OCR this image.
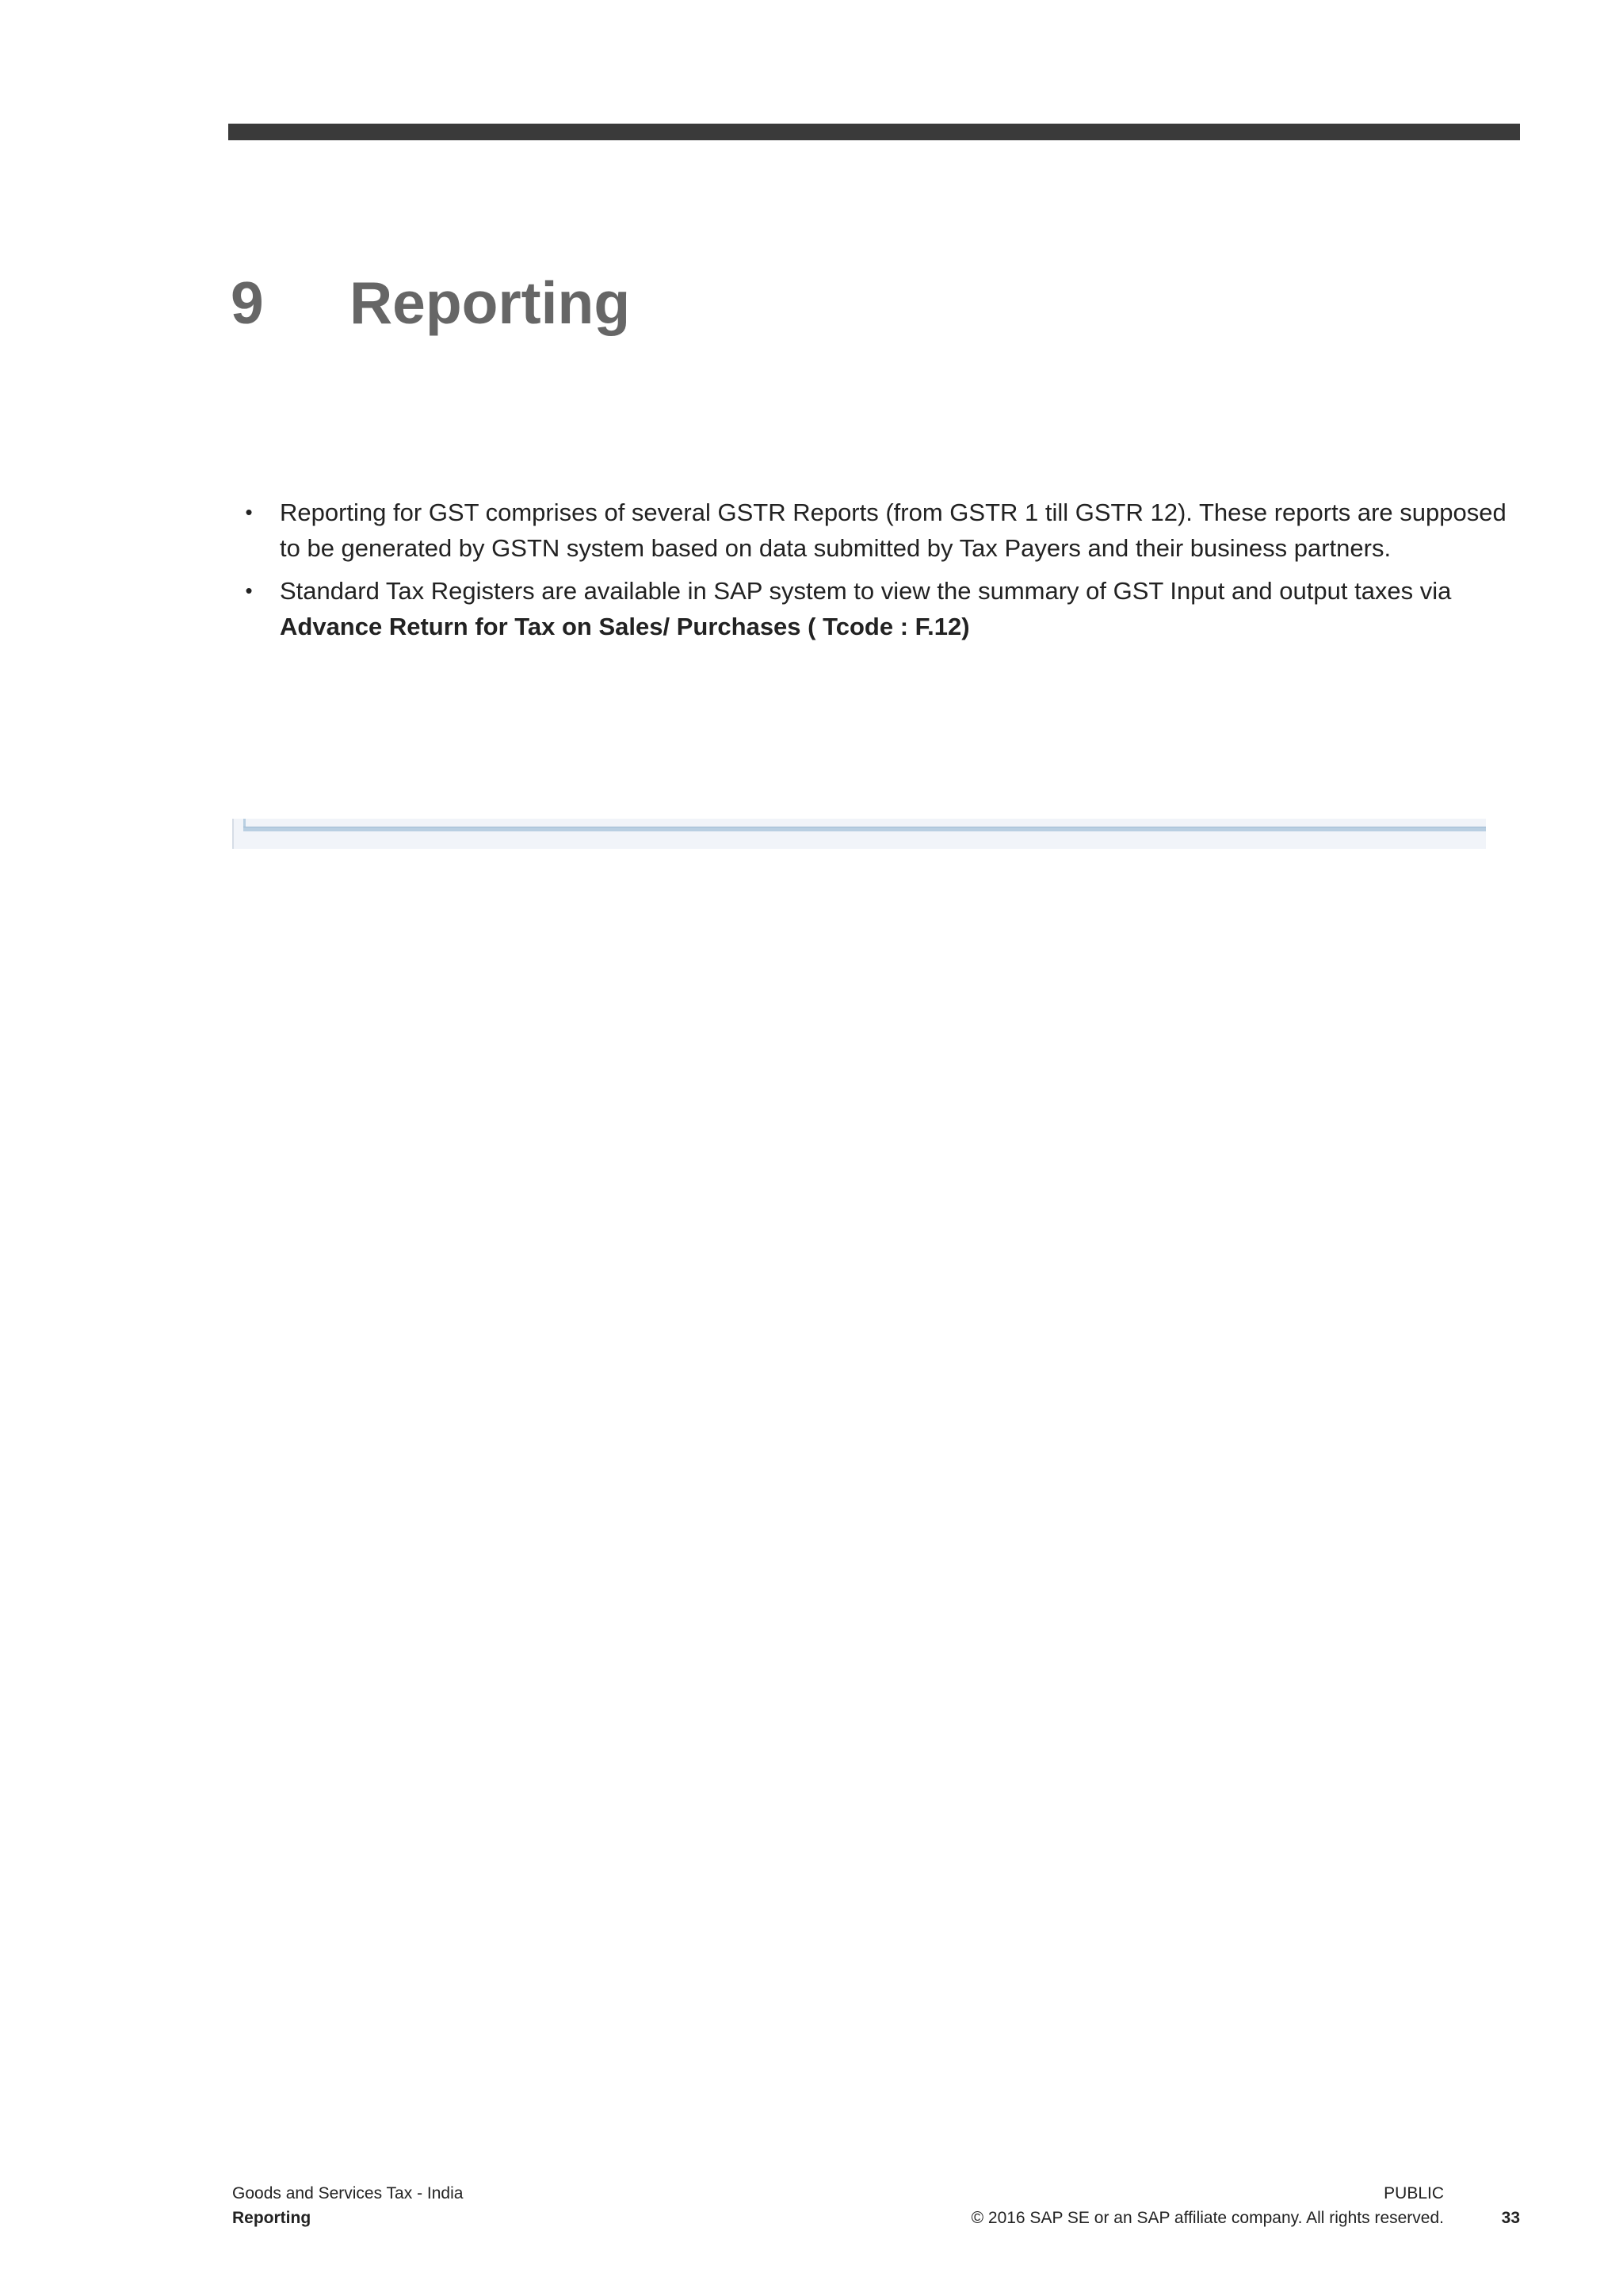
9	Reporting
• Reporting for GST comprises of several GSTR Reports (from GSTR 1 till GSTR 12). These reports are supposed to be generated by GSTN system based on data submitted by Tax Payers and their business partners.
• Standard Tax Registers are available in SAP system to view the summary of GST Input and output taxes via
Advance Return for Tax on Sales/ Purchases ( Tcode : F.12)
Goods and Services Tax - India
Reporting
PUBLIC
© 2016 SAP SE or an SAP affiliate company. All rights reserved.	33
